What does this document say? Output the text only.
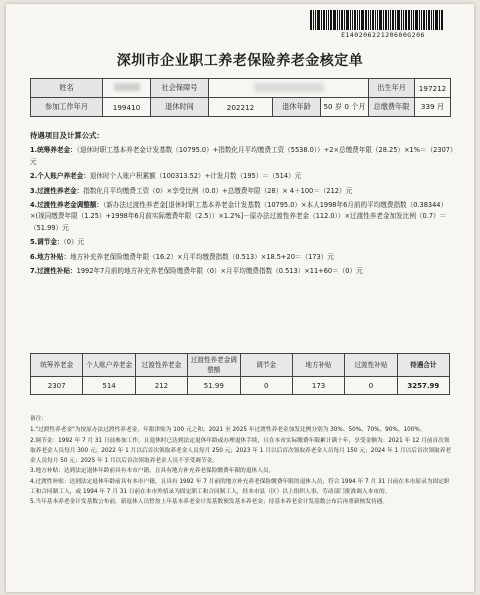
E14020622120600G206
深圳市企业职工养老保险养老金核定单
姓名		社会保障号				出生年月	197212
参加工作年月	199410	退休时间	202212	退休年龄	50 岁 0 个月	总缴费年限	339 月
待遇项目及计算公式：
1.统筹养老金：（退休时职工基本养老金计发基数（10795.0）+指数化月平均缴费工资（5538.0））÷2×总缴费年限（28.25）×1%＝（2307）元
2.个人账户养老金：退休时个人账户积累额（100313.52）÷计发月数（195）＝（514）元
3.过渡性养老金：指数化月平均缴费工资（0）×享受比例（0.0）+总缴费年限（28）× 4＋100＝（212）元
4.过渡性养老金调整额：（新办法过渡性养老金[退休时职工基本养老金计发基数（10795.0）×本人1998年6月前的平均缴费指数（0.38344）×(视同缴费年限（1.25）+1998年6月前实际缴费年限（2.5））×1.2%]－原办法过渡性养老金（112.0））×过渡性养老金加发比例（0.7）＝（51.99）元
5.调节金：（0）元
6.地方补贴：地方补充养老保险缴费年限（16.2）×月平均缴费指数（0.513）×18.5+20＝（173）元
7.过渡性补贴：1992年7月前的地方补充养老保险缴费年限（0）×月平均缴费指数（0.513）×11+60＝（0）元
统筹养老金	个人账户养老金	过渡性养老金	过渡性养老金调整额	调节金	地方补贴	过渡性补贴	待遇合计
2307	514	212	51.99	0	173	0	3257.99
备注：
1."过渡性养老金"为按原办法过渡性养老金，年限津贴为 100 元之和。2021 至 2025 年过渡性养老金加发比例分别为 30%、50%、70%、90%、100%。
2.调节金：1992 年 7 月 31 日前参加工作，且退休时已达到法定退休年龄或办理退休手续，且在本市实际缴费年限累计满十年，享受金额为：2021 年 12 月前首次领取养老金人员每月 300 元；2022 年 1 月以后首次领取养老金人员每月 250 元；2023 年 1 月以后首次领取养老金人员每月 150 元；2024 年 1 月以后首次领取养老金人员每月 50 元；2025 年 1 月以后首次领取养老金人员不享受调节金。
3.地方补贴：达到法定退休年龄前具有本市户籍，且具有地方补充养老保险缴费年限的退休人员。
4.过渡性补贴：达到法定退休年龄前具有本市户籍，且具有 1992 年 7 月前的地方补充养老保险缴费年限的退休人员，符合 1994 年 7 月 31 日前在本市原录为固定职工和合同制工人，或 1994 年 7 月 31 日前在本市外招录为固定职工和合同制工人，经本市县（区）以上组织人事、劳动部门批准调入本市的。
5.当年基本养老金计发基数公布前，新退休人员暂按上年基本养老金计发基数预发基本养老金；待基本养老金计发基数公布后再重新核发待遇。
